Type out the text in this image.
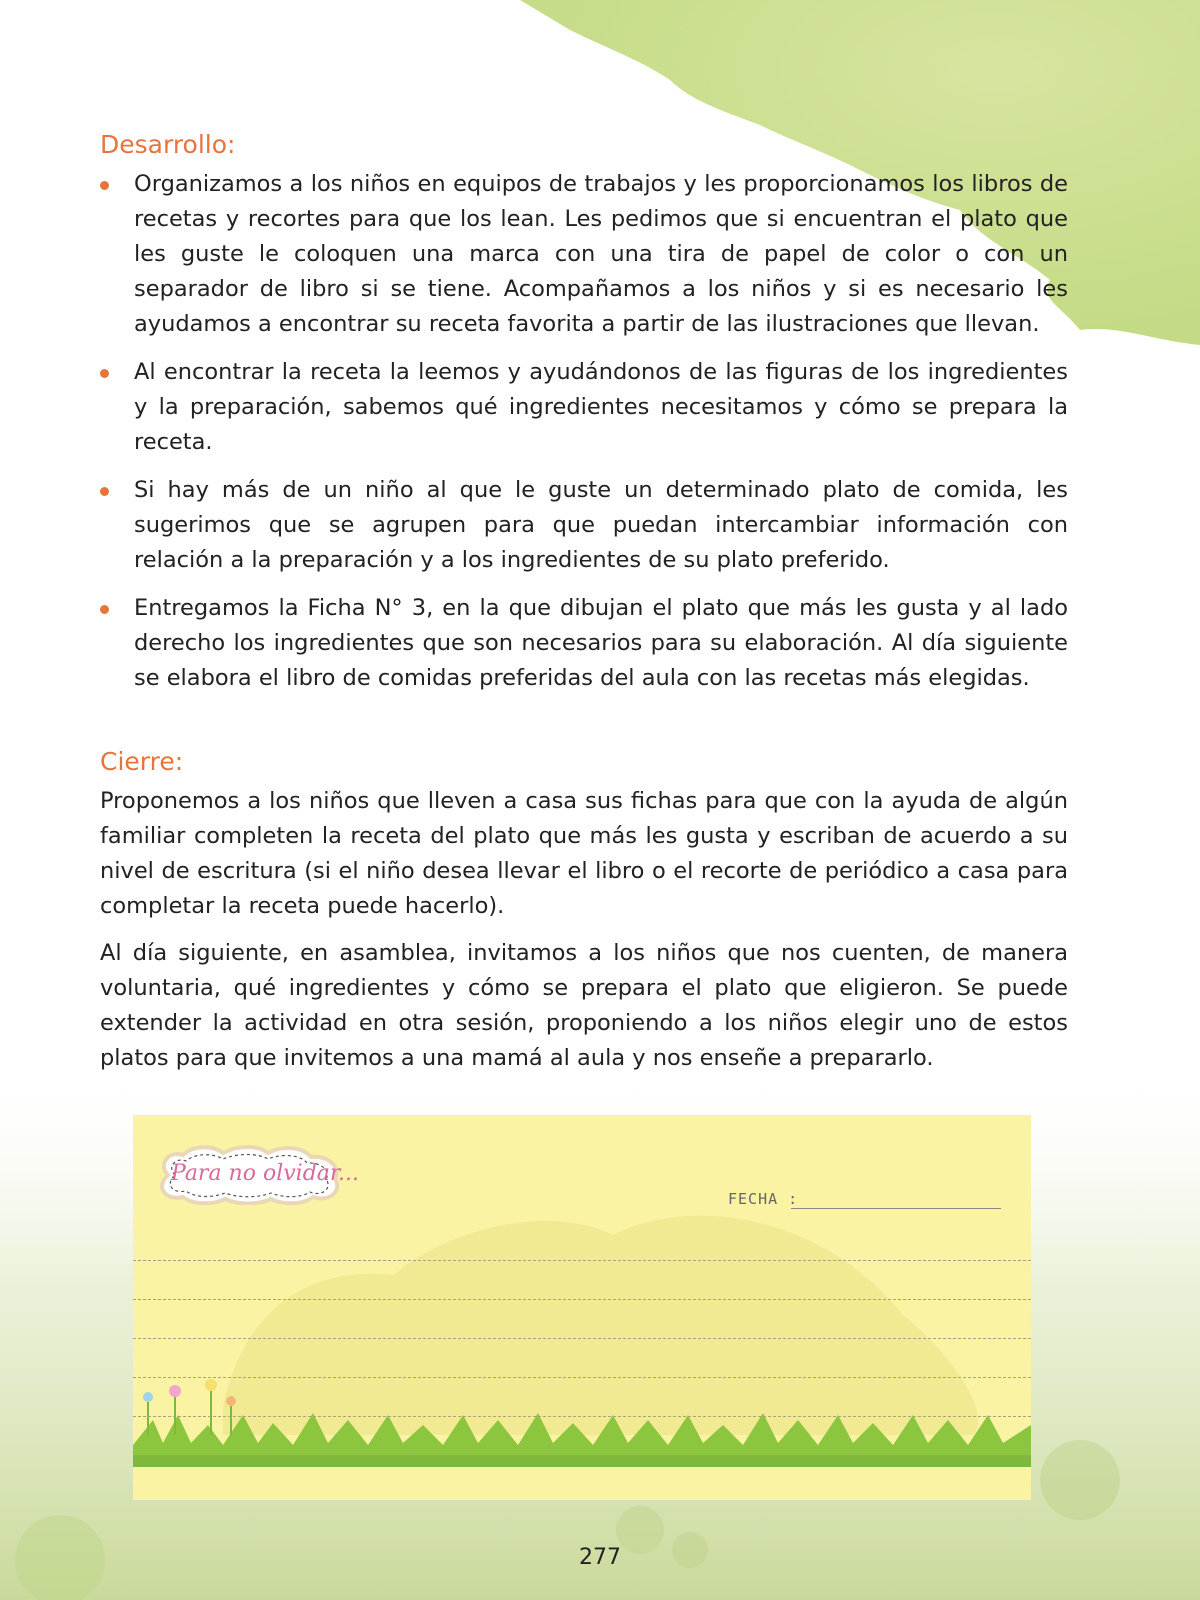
Desarrollo:
Organizamos a los niños en equipos de trabajos y les proporcionamos los libros de recetas y recortes para que los lean. Les pedimos que si encuentran el plato que les guste le coloquen una marca con una tira de papel de color o con un separador de libro si se tiene. Acompañamos a los niños y si es necesario les ayudamos a encontrar su receta favorita a partir de las ilustraciones que llevan.
Al encontrar la receta la leemos y ayudándonos de las figuras de los ingredientes y la preparación, sabemos qué ingredientes necesitamos y cómo se prepara la receta.
Si hay más de un niño al que le guste un determinado plato de comida, les sugerimos que se agrupen para que puedan intercambiar información con relación a la preparación y a los ingredientes de su plato preferido.
Entregamos la Ficha N° 3, en la que dibujan el plato que más les gusta y al lado derecho los ingredientes que son necesarios para su elaboración. Al día siguiente se elabora el libro de comidas preferidas del aula con las recetas más elegidas.
Cierre:

Proponemos a los niños que lleven a casa sus fichas para que con la ayuda de algún familiar completen la receta del plato que más les gusta y escriban de acuerdo a su nivel de escritura (si el niño desea llevar el libro o el recorte de periódico a casa para completar la receta puede hacerlo).

Al día siguiente, en asamblea, invitamos a los niños que nos cuenten, de manera voluntaria, qué ingredientes y cómo se prepara el plato que eligieron. Se puede extender la actividad en otra sesión, proponiendo a los niños elegir uno de estos platos para que invitemos a una mamá al aula y nos enseñe a prepararlo.

Para no olvidar...
FECHA :
277
